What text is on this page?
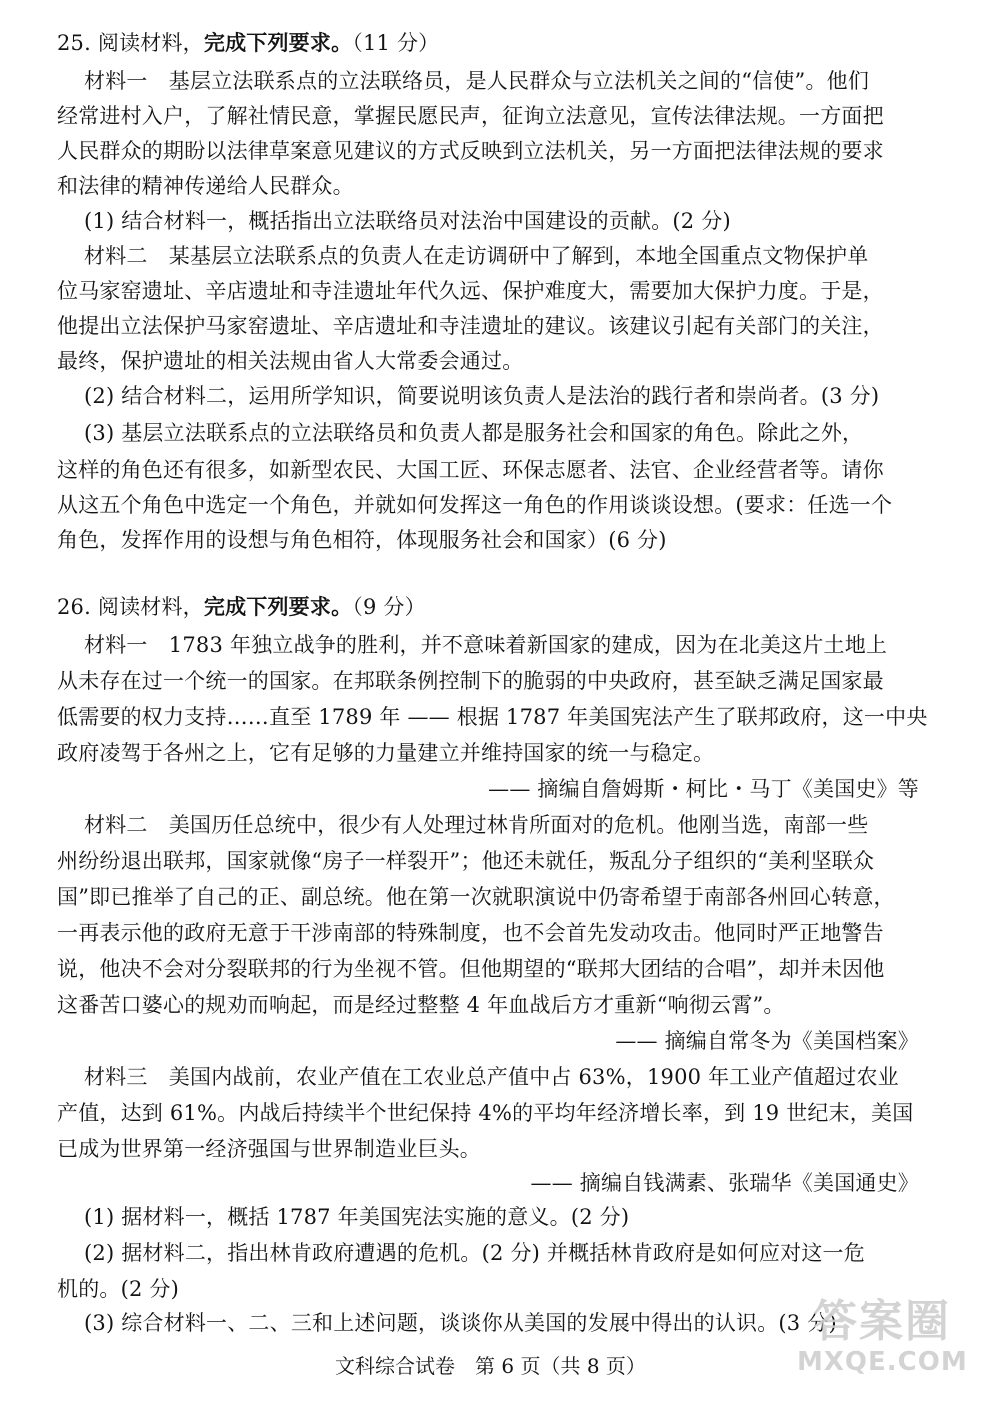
25. 阅读材料，完成下列要求。（11 分）
材料一　基层立法联系点的立法联络员，是人民群众与立法机关之间的“信使”。他们
经常进村入户，了解社情民意，掌握民愿民声，征询立法意见，宣传法律法规。一方面把
人民群众的期盼以法律草案意见建议的方式反映到立法机关，另一方面把法律法规的要求
和法律的精神传递给人民群众。
(1) 结合材料一，概括指出立法联络员对法治中国建设的贡献。(2 分)
材料二　某基层立法联系点的负责人在走访调研中了解到，本地全国重点文物保护单
位马家窑遗址、辛店遗址和寺洼遗址年代久远、保护难度大，需要加大保护力度。于是，
他提出立法保护马家窑遗址、辛店遗址和寺洼遗址的建议。该建议引起有关部门的关注，
最终，保护遗址的相关法规由省人大常委会通过。
(2) 结合材料二，运用所学知识，简要说明该负责人是法治的践行者和崇尚者。(3 分)
(3) 基层立法联系点的立法联络员和负责人都是服务社会和国家的角色。除此之外，
这样的角色还有很多，如新型农民、大国工匠、环保志愿者、法官、企业经营者等。请你
从这五个角色中选定一个角色，并就如何发挥这一角色的作用谈谈设想。(要求：任选一个
角色，发挥作用的设想与角色相符，体现服务社会和国家）(6 分)
26. 阅读材料，完成下列要求。（9 分）
材料一　1783 年独立战争的胜利，并不意味着新国家的建成，因为在北美这片土地上
从未存在过一个统一的国家。在邦联条例控制下的脆弱的中央政府，甚至缺乏满足国家最
低需要的权力支持……直至 1789 年 —— 根据 1787 年美国宪法产生了联邦政府，这一中央
政府凌驾于各州之上，它有足够的力量建立并维持国家的统一与稳定。
—— 摘编自詹姆斯・柯比・马丁《美国史》等
材料二　美国历任总统中，很少有人处理过林肯所面对的危机。他刚当选，南部一些
州纷纷退出联邦，国家就像“房子一样裂开”；他还未就任，叛乱分子组织的“美利坚联众
国”即已推举了自己的正、副总统。他在第一次就职演说中仍寄希望于南部各州回心转意，
一再表示他的政府无意于干涉南部的特殊制度，也不会首先发动攻击。他同时严正地警告
说，他决不会对分裂联邦的行为坐视不管。但他期望的“联邦大团结的合唱”，却并未因他
这番苦口婆心的规劝而响起，而是经过整整 4 年血战后方才重新“响彻云霄”。
—— 摘编自常冬为《美国档案》
材料三　美国内战前，农业产值在工农业总产值中占 63%，1900 年工业产值超过农业
产值，达到 61%。内战后持续半个世纪保持 4%的平均年经济增长率，到 19 世纪末，美国
已成为世界第一经济强国与世界制造业巨头。
—— 摘编自钱满素、张瑞华《美国通史》
(1) 据材料一，概括 1787 年美国宪法实施的意义。(2 分)
(2) 据材料二，指出林肯政府遭遇的危机。(2 分) 并概括林肯政府是如何应对这一危
机的。(2 分)
(3) 综合材料一、二、三和上述问题，谈谈你从美国的发展中得出的认识。(3 分)
文科综合试卷　第 6 页（共 8 页）
答案圈
MXQE.COM
